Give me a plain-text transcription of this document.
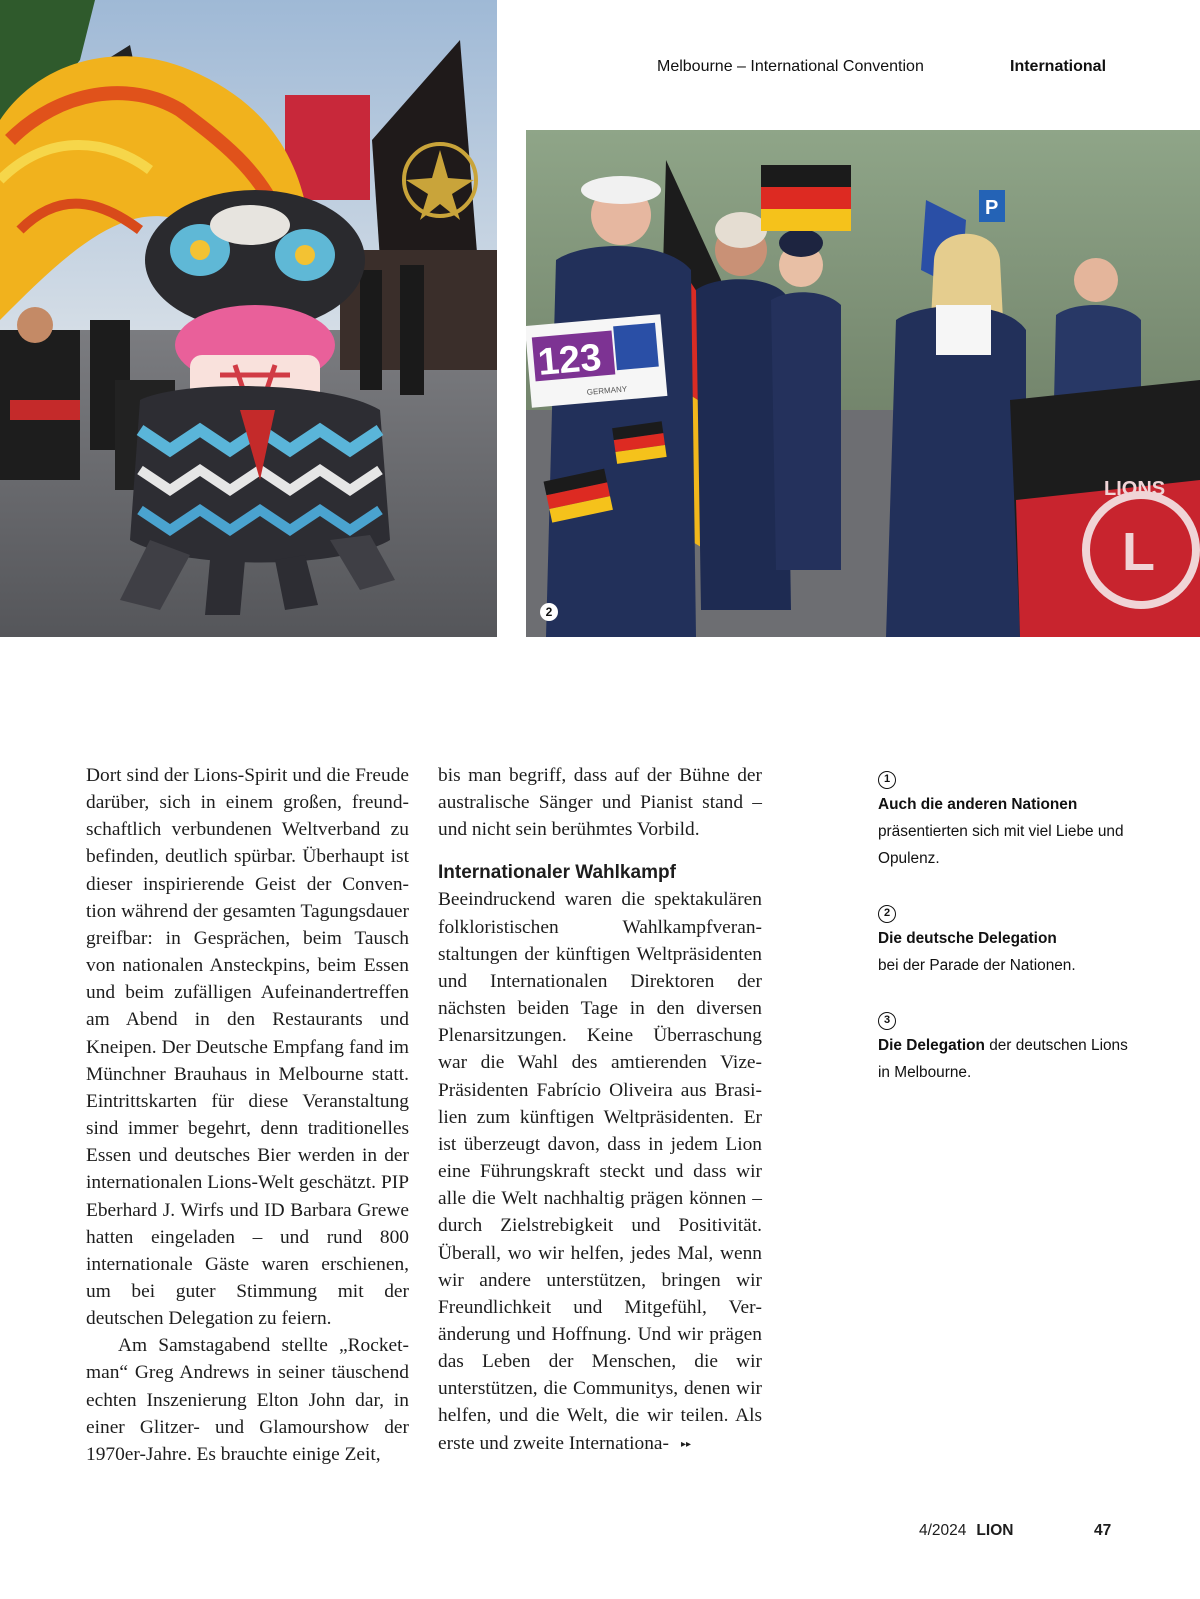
Melbourne – International Convention	International
P
L
LIONS
123
GERMANY
2

Dort sind der Lions-Spirit und die Freude darüber, sich in einem großen, freundschaftlich verbundenen Weltverband zu befinden, deutlich spürbar. Überhaupt ist dieser inspirierende Geist der Convention während der gesamten Tagungsdauer greifbar: in Gesprächen, beim Tausch von nationalen Ansteckpins, beim Essen und beim zufälligen Aufeinandertreffen am Abend in den Restaurants und Kneipen. Der Deutsche Empfang fand im Münchner Brauhaus in Melbourne statt. Eintrittskarten für diese Veranstaltung sind immer begehrt, denn traditionelles Essen und deutsches Bier werden in der internationalen Lions-Welt geschätzt. PIP Eberhard J. Wirfs und ID Barbara Grewe hatten eingeladen – und rund 800 internationale Gäste waren erschienen, um bei guter Stimmung mit der deutschen Delegation zu feiern.

Am Samstagabend stellte „Rocketman“ Greg Andrews in seiner täuschend echten Inszenierung Elton John dar, in einer Glitzer- und Glamourshow der 1970er-Jahre. Es brauchte einige Zeit,

bis man begriff, dass auf der Bühne der australische Sänger und Pianist stand – und nicht sein berühmtes Vorbild.

Internationaler Wahlkampf

Beeindruckend waren die spektakulären folkloristischen Wahlkampfveranstaltungen der künftigen Weltpräsidenten und Internationalen Direktoren der nächsten beiden Tage in den diversen Plenarsitzungen. Keine Überraschung war die Wahl des amtierenden VizePräsidenten Fabrício Oliveira aus Brasilien zum künftigen Weltpräsidenten. Er ist überzeugt davon, dass in jedem Lion eine Führungskraft steckt und dass wir alle die Welt nachhaltig prägen können – durch Zielstrebigkeit und Positivität. Überall, wo wir helfen, jedes Mal, wenn wir andere unterstützen, bringen wir Freundlichkeit und Mitgefühl, Veränderung und Hoffnung. Und wir prägen das Leben der Menschen, die wir unterstützen, die Communitys, denen wir helfen, und die Welt, die wir teilen. Als erste und zweite Internationa- ▸▸

1
Auch die anderen Nationen
präsentierten sich mit viel Liebe und Opulenz.
2
Die deutsche Delegation
bei der Parade der Nationen.
3
Die Delegation der deutschen Lions in Melbourne.
4/2024 LION	47
